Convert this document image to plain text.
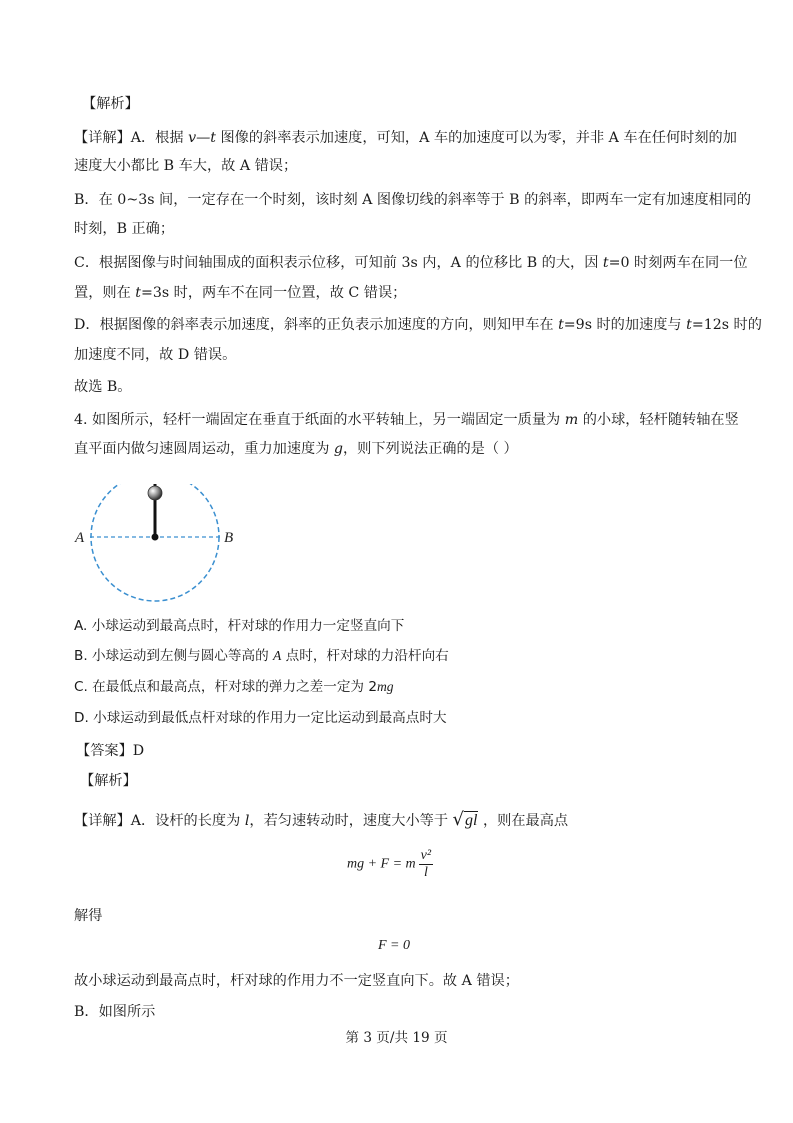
【解析】
【详解】A．根据 v—t 图像的斜率表示加速度，可知，A 车的加速度可以为零，并非 A 车在任何时刻的加
速度大小都比 B 车大，故 A 错误；
B．在 0~3s 间，一定存在一个时刻，该时刻 A 图像切线的斜率等于 B 的斜率，即两车一定有加速度相同的
时刻，B 正确；
C．根据图像与时间轴围成的面积表示位移，可知前 3s 内，A 的位移比 B 的大，因 t=0 时刻两车在同一位
置，则在 t=3s 时，两车不在同一位置，故 C 错误；
D．根据图像的斜率表示加速度，斜率的正负表示加速度的方向，则知甲车在 t=9s 时的加速度与 t=12s 时的
加速度不同，故 D 错误。
故选 B。
4. 如图所示，轻杆一端固定在垂直于纸面的水平转轴上，另一端固定一质量为 m 的小球，轻杆随转轴在竖
直平面内做匀速圆周运动，重力加速度为 g，则下列说法正确的是（ ）
A	B
A. 小球运动到最高点时，杆对球的作用力一定竖直向下
B. 小球运动到左侧与圆心等高的 A 点时，杆对球的力沿杆向右
C. 在最低点和最高点，杆对球的弹力之差一定为 2mg
D. 小球运动到最低点杆对球的作用力一定比运动到最高点时大
【答案】D
【解析】
【详解】A．设杆的长度为 l，若匀速转动时，速度大小等于 √gl ，则在最高点
mg + F = m $\frac{\text{v²}}{l}$
解得
F = 0
故小球运动到最高点时，杆对球的作用力不一定竖直向下。故 A 错误；
B．如图所示
第 3 页/共 19 页
